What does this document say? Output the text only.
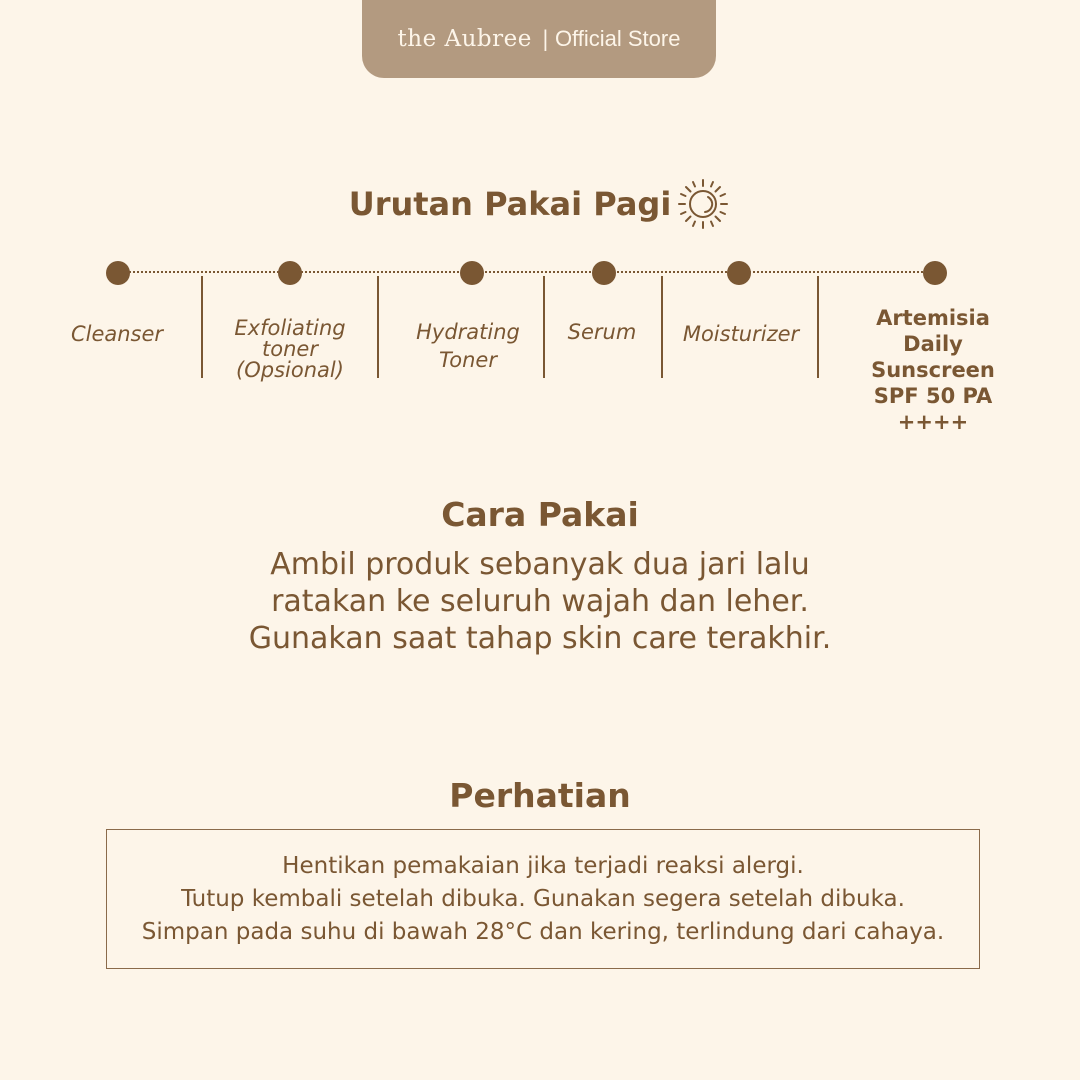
the Aubree | Official Store
Urutan Pakai Pagi
Cleanser	Exfoliating
toner
(Opsional)
Hydrating
Toner
Serum Moisturizer
Artemisia
Daily Sunscreen
SPF 50 PA ++++
Cara Pakai
Ambil produk sebanyak dua jari lalu
ratakan ke seluruh wajah dan leher.
Gunakan saat tahap skin care terakhir.
Perhatian
Hentikan pemakaian jika terjadi reaksi alergi.
Tutup kembali setelah dibuka. Gunakan segera setelah dibuka.
Simpan pada suhu di bawah 28°C dan kering, terlindung dari cahaya.
